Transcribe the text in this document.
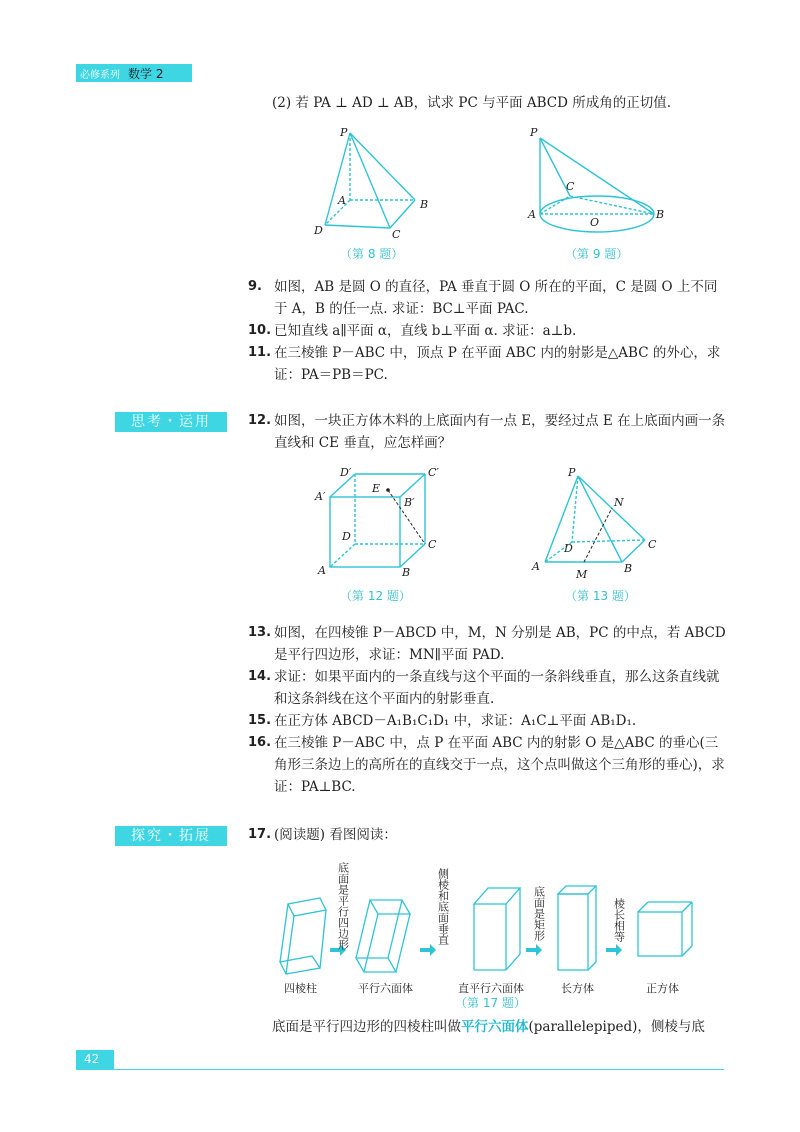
必修系列 数学 2
(2) 若 PA ⊥ AD ⊥ AB，试求 PC 与平面 ABCD 所成角的正切值.
P
A	B
C
D
（第 8 题）
P
C
A
O
B
（第 9 题）
9. 如图，AB 是圆 O 的直径，PA 垂直于圆 O 所在的平面，C 是圆 O 上不同于 A，B 的任一点. 求证：BC⊥平面 PAC.
10. 已知直线 a∥平面 α，直线 b⊥平面 α. 求证：a⊥b.
11. 在三棱锥 P－ABC 中，顶点 P 在平面 ABC 内的射影是△ABC 的外心，求证：PA＝PB＝PC.
思考・运用	12. 如图，一块正方体木料的上底面内有一点 E，要经过点 E 在上底面内画一条直线和 CE 垂直，应怎样画？
D′	C′
A′
E
B′
D
C
A	B
（第 12 题）
P
N
D	C
A
M	B
（第 13 题）
13. 如图，在四棱锥 P－ABCD 中，M，N 分别是 AB，PC 的中点，若 ABCD 是平行四边形，求证：MN∥平面 PAD.
14. 求证：如果平面内的一条直线与这个平面的一条斜线垂直，那么这条直线就和这条斜线在这个平面内的射影垂直.
15. 在正方体 ABCD－A₁B₁C₁D₁ 中，求证：A₁C⊥平面 AB₁D₁.
16. 在三棱锥 P－ABC 中，点 P 在平面 ABC 内的射影 O 是△ABC 的垂心(三角形三条边上的高所在的直线交于一点，这个点叫做这个三角形的垂心)，求证：PA⊥BC.
探究・拓展	17. (阅读题) 看图阅读：
底面是平行四边形	侧棱和底面垂直	底面是矩形	棱长相等
四棱柱	平行六面体	直平行六面体	长方体	正方体
（第 17 题）
底面是平行四边形的四棱柱叫做平行六面体(parallelepiped)，侧棱与底
42
